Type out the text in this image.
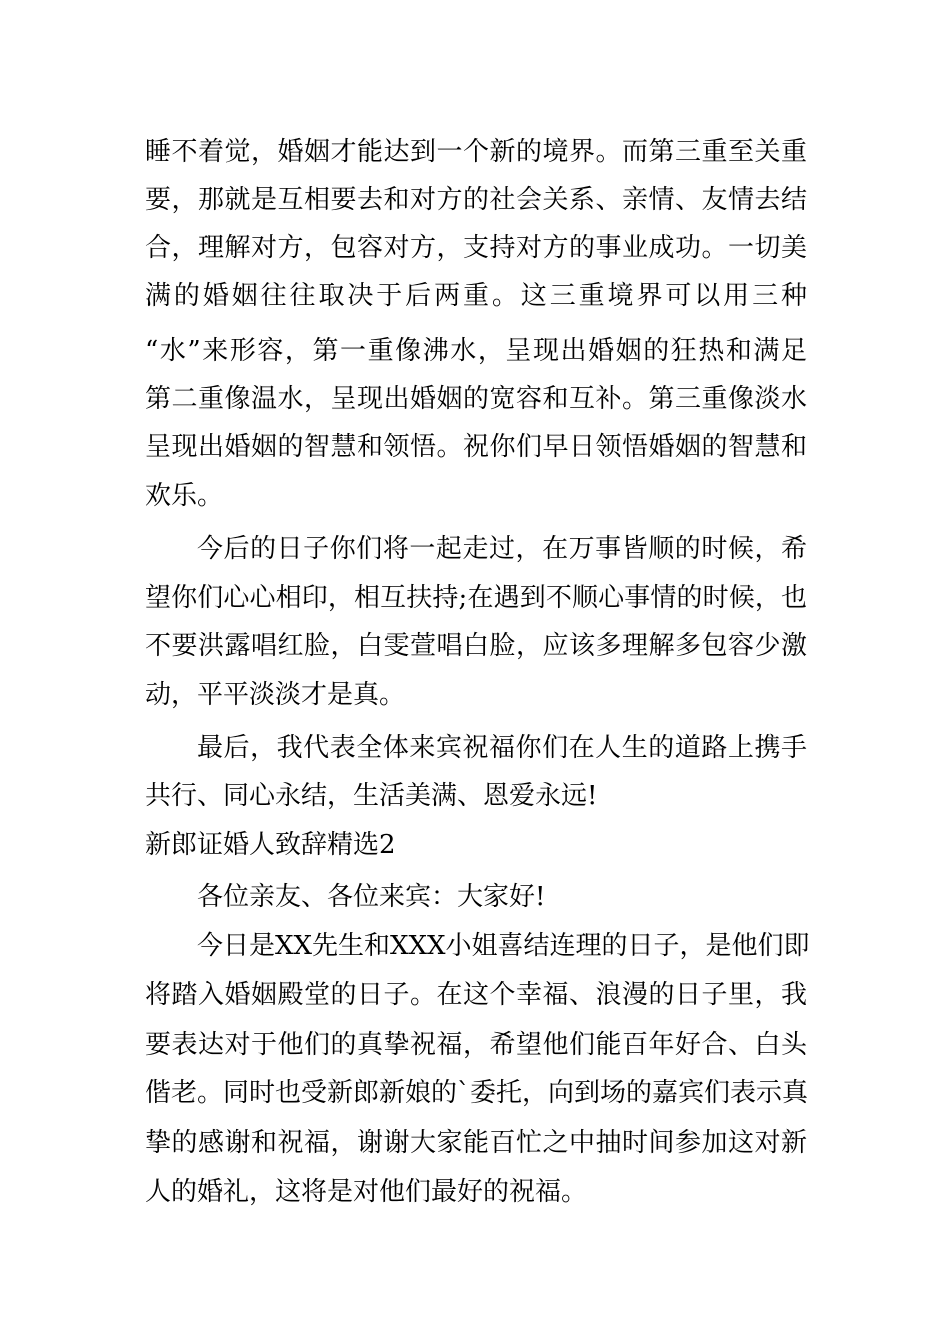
睡不着觉，婚姻才能达到一个新的境界。而第三重至关重
要，那就是互相要去和对方的社会关系、亲情、友情去结
合，理解对方，包容对方，支持对方的事业成功。一切美
满的婚姻往往取决于后两重。这三重境界可以用三种
“水”来形容，第一重像沸水，呈现出婚姻的狂热和满足
第二重像温水，呈现出婚姻的宽容和互补。第三重像淡水
呈现出婚姻的智慧和领悟。祝你们早日领悟婚姻的智慧和
欢乐。
今后的日子你们将一起走过，在万事皆顺的时候，希
望你们心心相印，相互扶持;在遇到不顺心事情的时候，也
不要洪露唱红脸，白雯萱唱白脸，应该多理解多包容少激
动，平平淡淡才是真。
最后，我代表全体来宾祝福你们在人生的道路上携手
共行、同心永结，生活美满、恩爱永远!
新郎证婚人致辞精选2
各位亲友、各位来宾：大家好!
今日是XX先生和XXX小姐喜结连理的日子，是他们即
将踏入婚姻殿堂的日子。在这个幸福、浪漫的日子里，我
要表达对于他们的真挚祝福，希望他们能百年好合、白头
偕老。同时也受新郎新娘的`委托，向到场的嘉宾们表示真
挚的感谢和祝福，谢谢大家能百忙之中抽时间参加这对新
人的婚礼，这将是对他们最好的祝福。
